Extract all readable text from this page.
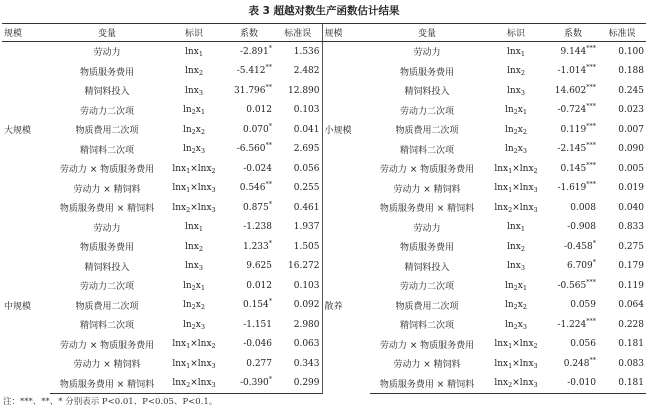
表 3 超越对数生产函数估计结果
规模	变量	标识	系数	标准误	规模	变量	标识	系数	标准误
大规模	劳动力	lnx$_1$	-2.891*	1.536	小规模	劳动力	lnx$_1$	9.144***	0.100
	物质服务费用	lnx$_2$	-5.412**	2.482		物质服务费用	lnx$_2$	-1.014***	0.188
	精饲料投入	lnx$_3$	31.796**	12.890		精饲料投入	lnx$_3$	14.602***	0.245
	劳动力二次项	$\ln_2x_1$	0.012	0.103		劳动力二次项	$\ln_2x_1$	-0.724***	0.023
	物质费用二次项	$\ln_2x_2$	0.070*	0.041		物质费用二次项	$\ln_2x_2$	0.119***	0.007
	精饲料二次项	$\ln_2x_3$	-6.560**	2.695		精饲料二次项	$\ln_2x_3$	-2.145***	0.090
	劳动力 × 物质服务费用	lnx$_1$×lnx$_2$	-0.024	0.056		劳动力 × 物质服务费用	lnx$_1$×lnx$_2$	0.145***	0.005
	劳动力 × 精饲料	lnx$_1$×lnx$_3$	0.546**	0.255		劳动力 × 精饲料	lnx$_1$×lnx$_3$	-1.619***	0.019
	物质服务费用 × 精饲料	lnx$_2$×lnx$_3$	0.875*	0.461		物质服务费用 × 精饲料	lnx$_2$×lnx$_3$	0.008	0.040
中规模	劳动力	lnx$_1$	-1.238	1.937	散养	劳动力	lnx$_1$	-0.908	0.833
	物质服务费用	lnx$_2$	1.233*	1.505		物质服务费用	lnx$_2$	-0.458*	0.275
	精饲料投入	lnx$_3$	9.625	16.272		精饲料投入	lnx$_3$	6.709*	0.179
	劳动力二次项	$\ln_2x_1$	0.012	0.103		劳动力二次项	$\ln_2x_1$	-0.565***	0.119
	物质费用二次项	$\ln_2x_2$	0.154*	0.092		物质费用二次项	$\ln_2x_2$	0.059	0.064
	精饲料二次项	$\ln_2x_3$	-1.151	2.980		精饲料二次项	$\ln_2x_3$	-1.224***	0.228
	劳动力 × 物质服务费用	lnx$_1$×lnx$_2$	-0.046	0.063		劳动力 × 物质服务费用	lnx$_1$×lnx$_2$	0.056	0.181
	劳动力 × 精饲料	lnx$_1$×lnx$_3$	0.277	0.343		劳动力 × 精饲料	lnx$_1$×lnx$_3$	0.248**	0.083
	物质服务费用 × 精饲料	lnx$_2$×lnx$_3$	-0.390*	0.299		物质服务费用 × 精饲料	lnx$_2$×lnx$_3$	-0.010	0.181
注：***、**、* 分别表示 P<0.01、P<0.05、P<0.1。
